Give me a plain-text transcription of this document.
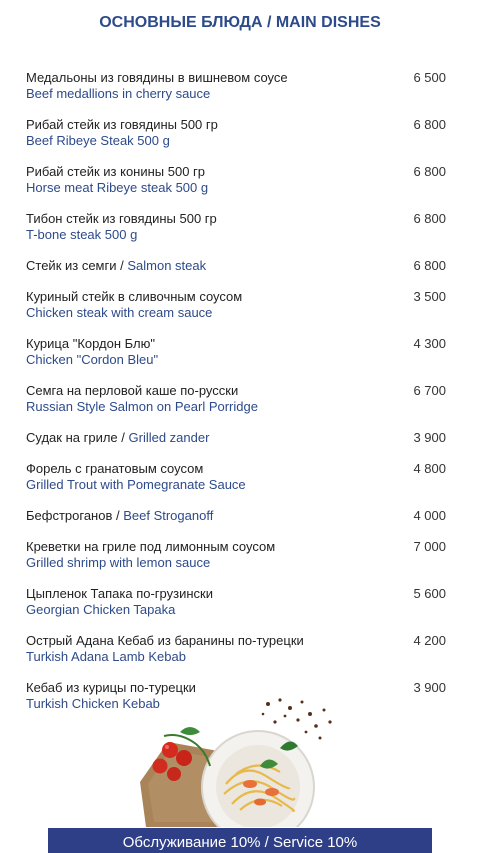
ОСНОВНЫЕ БЛЮДА / MAIN DISHES
Медальоны из говядины в вишневом соусе
Beef medallions in cherry sauce
6 500
Рибай стейк из говядины 500 гр
Beef Ribeye Steak 500 g
6 800
Рибай стейк из конины 500 гр
Horse meat Ribeye steak 500 g
6 800
Тибон стейк из говядины 500 гр
T-bone steak 500 g
6 800
Стейк из семги / Salmon steak	6 800
Куриный стейк в сливочным соусом
Chicken steak with cream sauce
3 500
Курица "Кордон Блю"
Chicken "Cordon Bleu"
4 300
Семга на перловой каше по-русски
Russian Style Salmon on Pearl Porridge
6 700
Судак на гриле / Grilled zander	3 900
Форель с гранатовым соусом
Grilled Trout with Pomegranate Sauce
4 800
Бефстроганов / Beef Stroganoff	4 000
Креветки на гриле под лимонным соусом
Grilled shrimp with lemon sauce
7 000
Цыпленок Тапака по-грузински
Georgian Chicken Tapaka
5 600
Острый Адана Кебаб из баранины по-турецки
Turkish Adana Lamb Kebab
4 200
Кебаб из курицы по-турецки
Turkish Chicken Kebab
3 900
Обслуживание 10% / Service 10%
